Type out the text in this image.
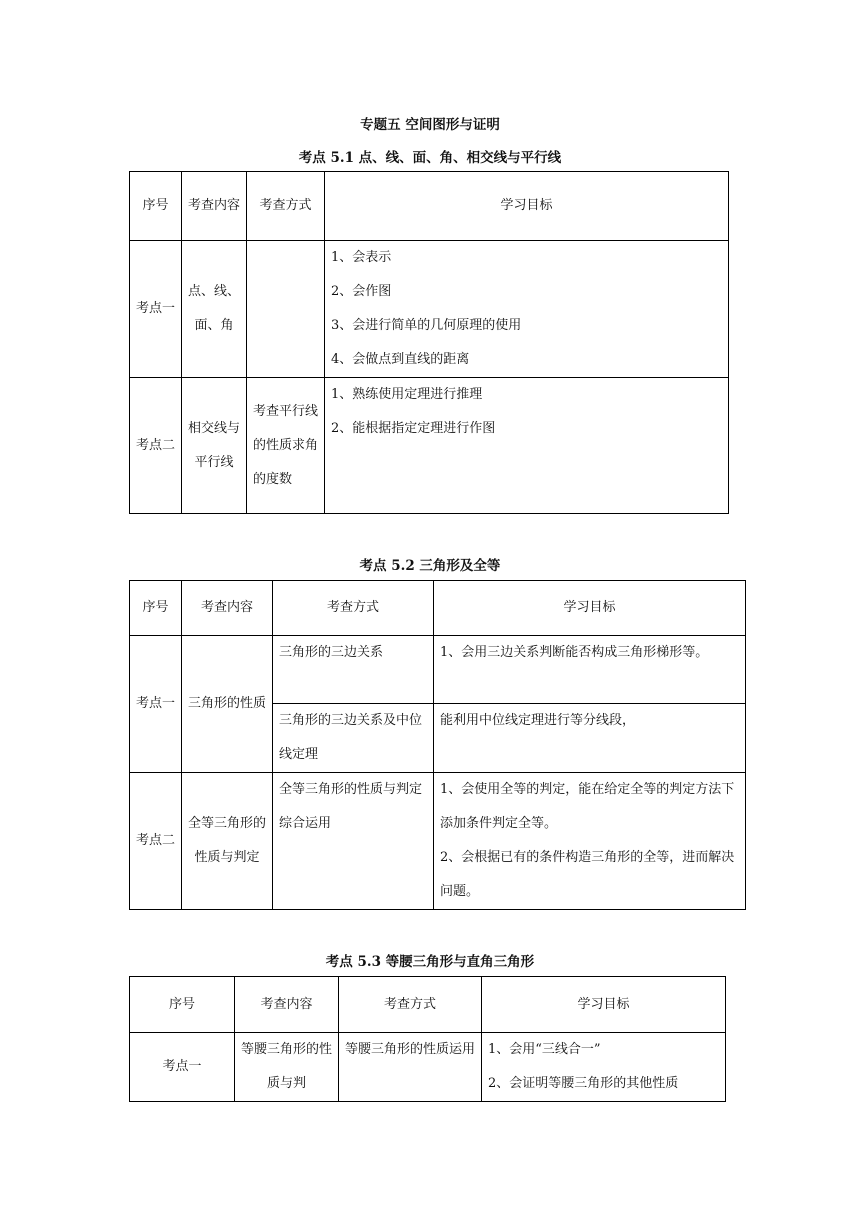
专题五 空间图形与证明
考点 5.1 点、线、面、角、相交线与平行线
序号	考查内容	考查方式	学习目标
考点一	点、线、面、角		1、会表示
2、会作图
3、会进行简单的几何原理的使用
4、会做点到直线的距离

考点二	相交线与平行线	考查平行线的性质求角的度数	1、熟练使用定理进行推理
2、能根据指定定理进行作图
考点 5.2 三角形及全等
序号	考查内容	考查方式	学习目标
考点一	三角形的性质	三角形的三边关系	1、会用三边关系判断能否构成三角形梯形等。
		三角形的三边关系及中位线定理	能利用中位线定理进行等分线段，
考点二	全等三角形的性质与判定	全等三角形的性质与判定综合运用	1、会使用全等的判定，能在给定全等的判定方法下添加条件判定全等。
2、会根据已有的条件构造三角形的全等，进而解决问题。
考点 5.3 等腰三角形与直角三角形
序号	考查内容	考查方式	学习目标
考点一	等腰三角形的性质与判	等腰三角形的性质运用	1、会用“三线合一”
2、会证明等腰三角形的其他性质
